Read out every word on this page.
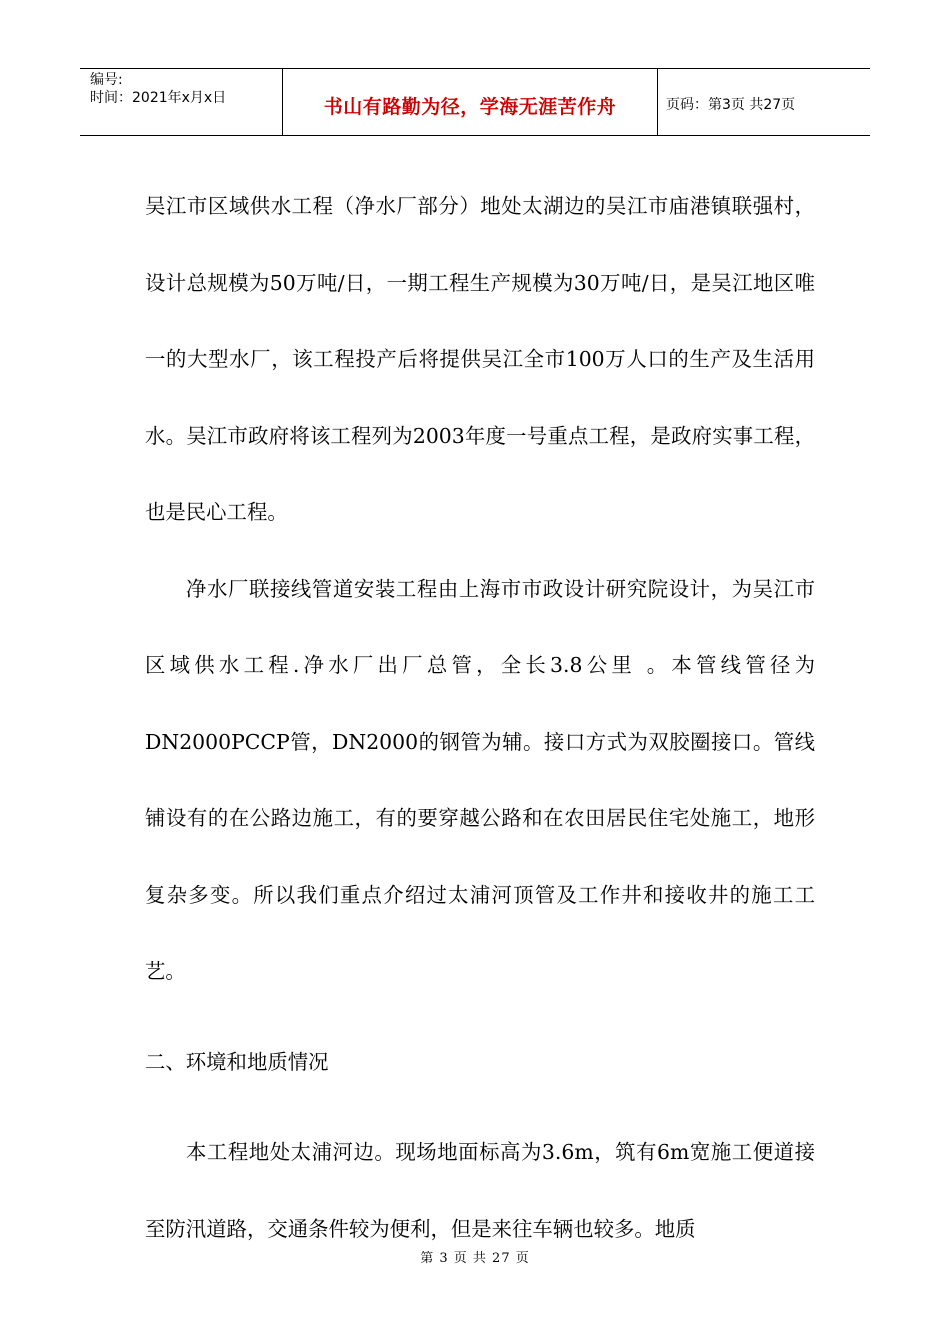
编号:
时间：2021年x月x日	书山有路勤为径，学海无涯苦作舟	页码：第3页 共27页

吴江市区域供水工程（净水厂部分）地处太湖边的吴江市庙港镇联强村，设计总规模为50万吨/日，一期工程生产规模为30万吨/日，是吴江地区唯一的大型水厂，该工程投产后将提供吴江全市100万人口的生产及生活用水。吴江市政府将该工程列为2003年度一号重点工程，是政府实事工程，也是民心工程。

净水厂联接线管道安装工程由上海市市政设计研究院设计，为吴江市区域供水工程.净水厂出厂总管，全长3.8公里 。本管线管径为DN2000PCCP管，DN2000的钢管为辅。接口方式为双胶圈接口。管线铺设有的在公路边施工，有的要穿越公路和在农田居民住宅处施工，地形复杂多变。所以我们重点介绍过太浦河顶管及工作井和接收井的施工工艺。

二、环境和地质情况

本工程地处太浦河边。现场地面标高为3.6m，筑有6m宽施工便道接至防汛道路，交通条件较为便利，但是来往车辆也较多。地质

第 3 页 共 27 页
